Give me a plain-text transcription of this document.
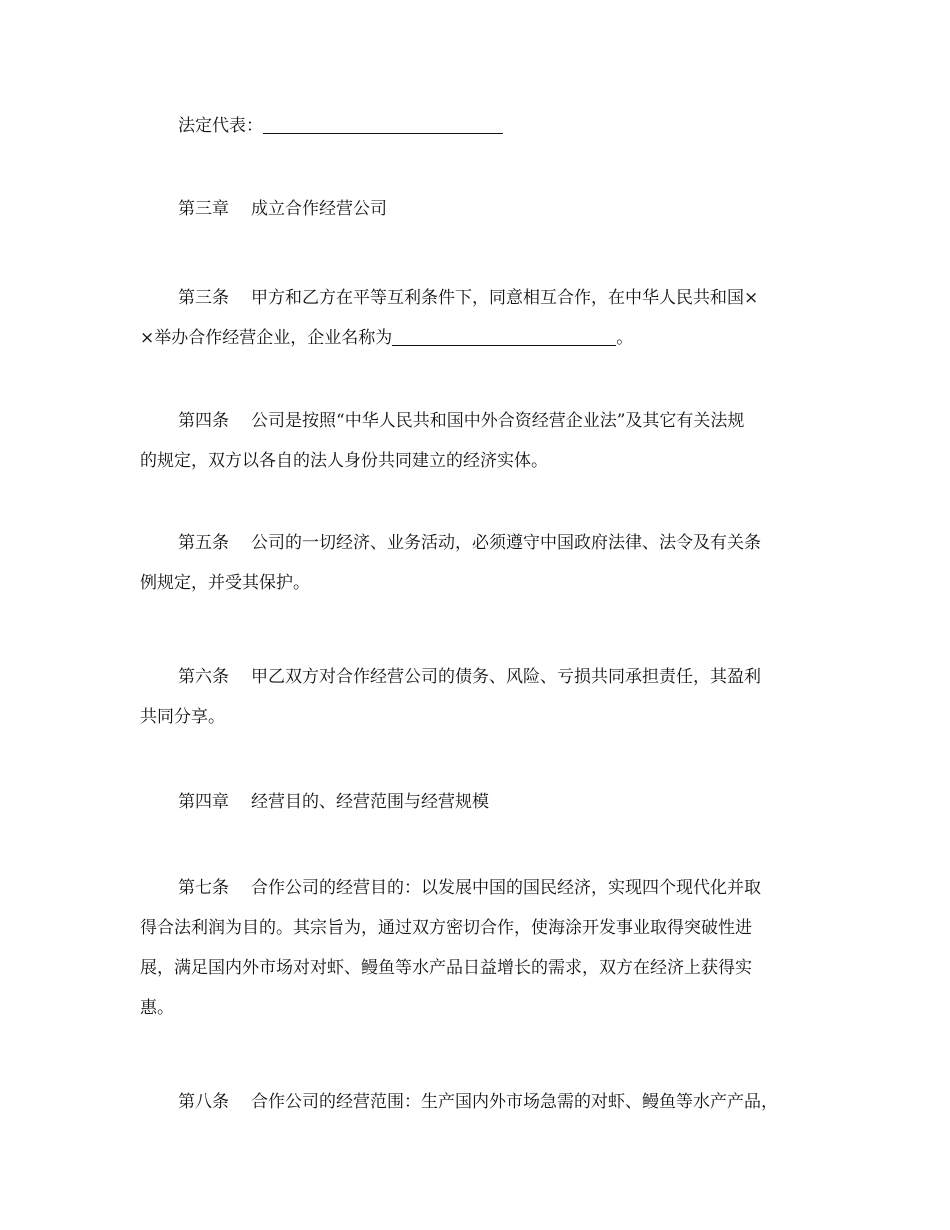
法定代表：

第三章 成立合作经营公司

第三条 甲方和乙方在平等互利条件下，同意相互合作，在中华人民共和国×
×举办合作经营企业，企业名称为	。

第四条 公司是按照“中华人民共和国中外合资经营企业法”及其它有关法规
的规定，双方以各自的法人身份共同建立的经济实体。

第五条 公司的一切经济、业务活动，必须遵守中国政府法律、法令及有关条
例规定，并受其保护。

第六条 甲乙双方对合作经营公司的债务、风险、亏损共同承担责任，其盈利
共同分享。

第四章 经营目的、经营范围与经营规模

第七条 合作公司的经营目的：以发展中国的国民经济，实现四个现代化并取
得合法利润为目的。其宗旨为，通过双方密切合作，使海涂开发事业取得突破性进
展，满足国内外市场对对虾、鳗鱼等水产品日益增长的需求，双方在经济上获得实
惠。

第八条 合作公司的经营范围：生产国内外市场急需的对虾、鳗鱼等水产产品，
